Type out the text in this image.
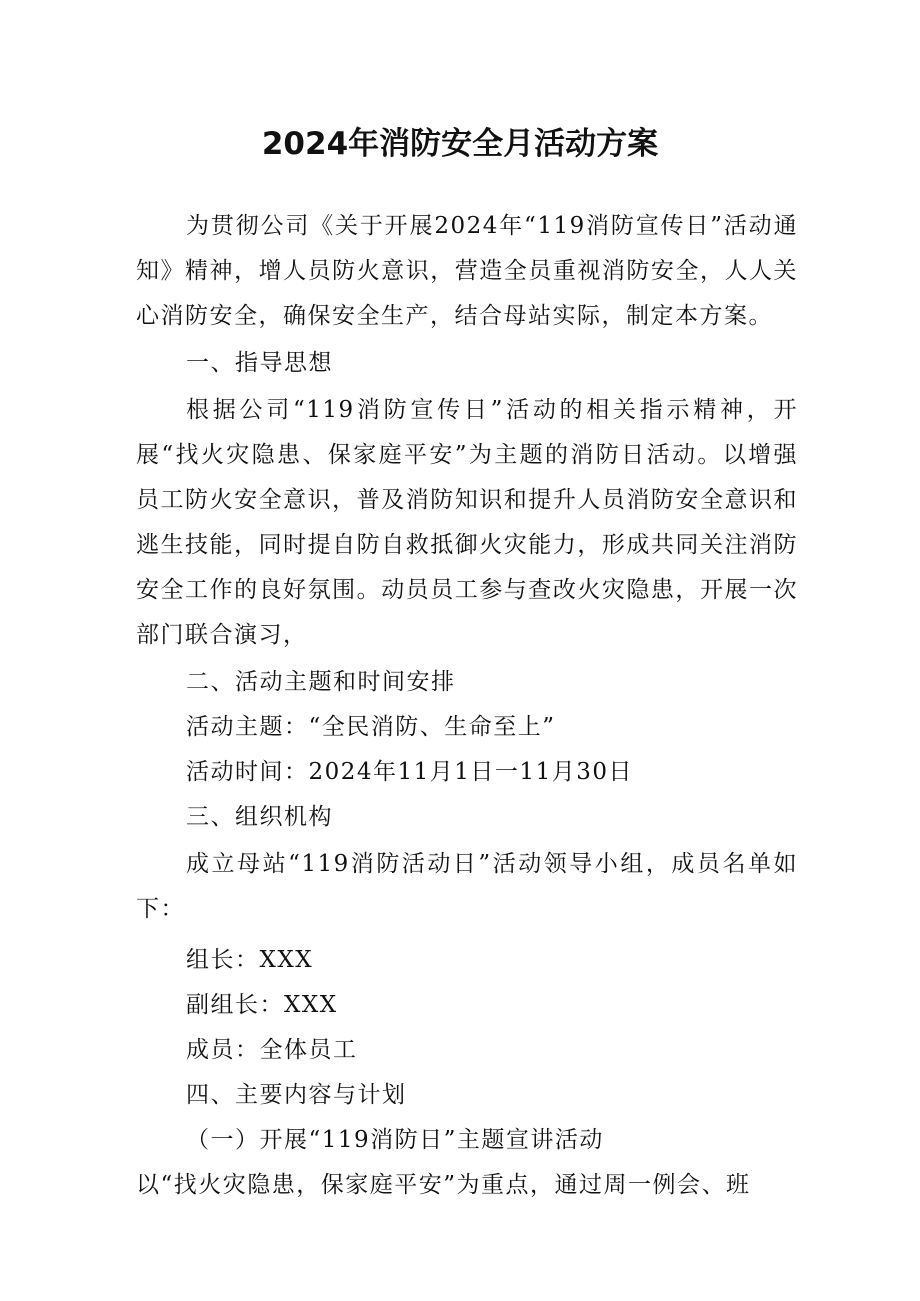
2024年消防安全月活动方案

为贯彻公司《关于开展2024年“119消防宣传日”活动通知》精神，增人员防火意识，营造全员重视消防安全，人人关心消防安全，确保安全生产，结合母站实际，制定本方案。

一、指导思想

根据公司“119消防宣传日”活动的相关指示精神，开展“找火灾隐患、保家庭平安”为主题的消防日活动。以增强员工防火安全意识，普及消防知识和提升人员消防安全意识和逃生技能，同时提自防自救抵御火灾能力，形成共同关注消防安全工作的良好氛围。动员员工参与查改火灾隐患，开展一次部门联合演习，

二、活动主题和时间安排

活动主题：“全民消防、生命至上”

活动时间：2024年11月1日一11月30日

三、组织机构

成立母站“119消防活动日”活动领导小组，成员名单如下：

组长：XXX

副组长：XXX

成员：全体员工

四、主要内容与计划

（一）开展“119消防日”主题宣讲活动

以“找火灾隐患，保家庭平安”为重点，通过周一例会、班
